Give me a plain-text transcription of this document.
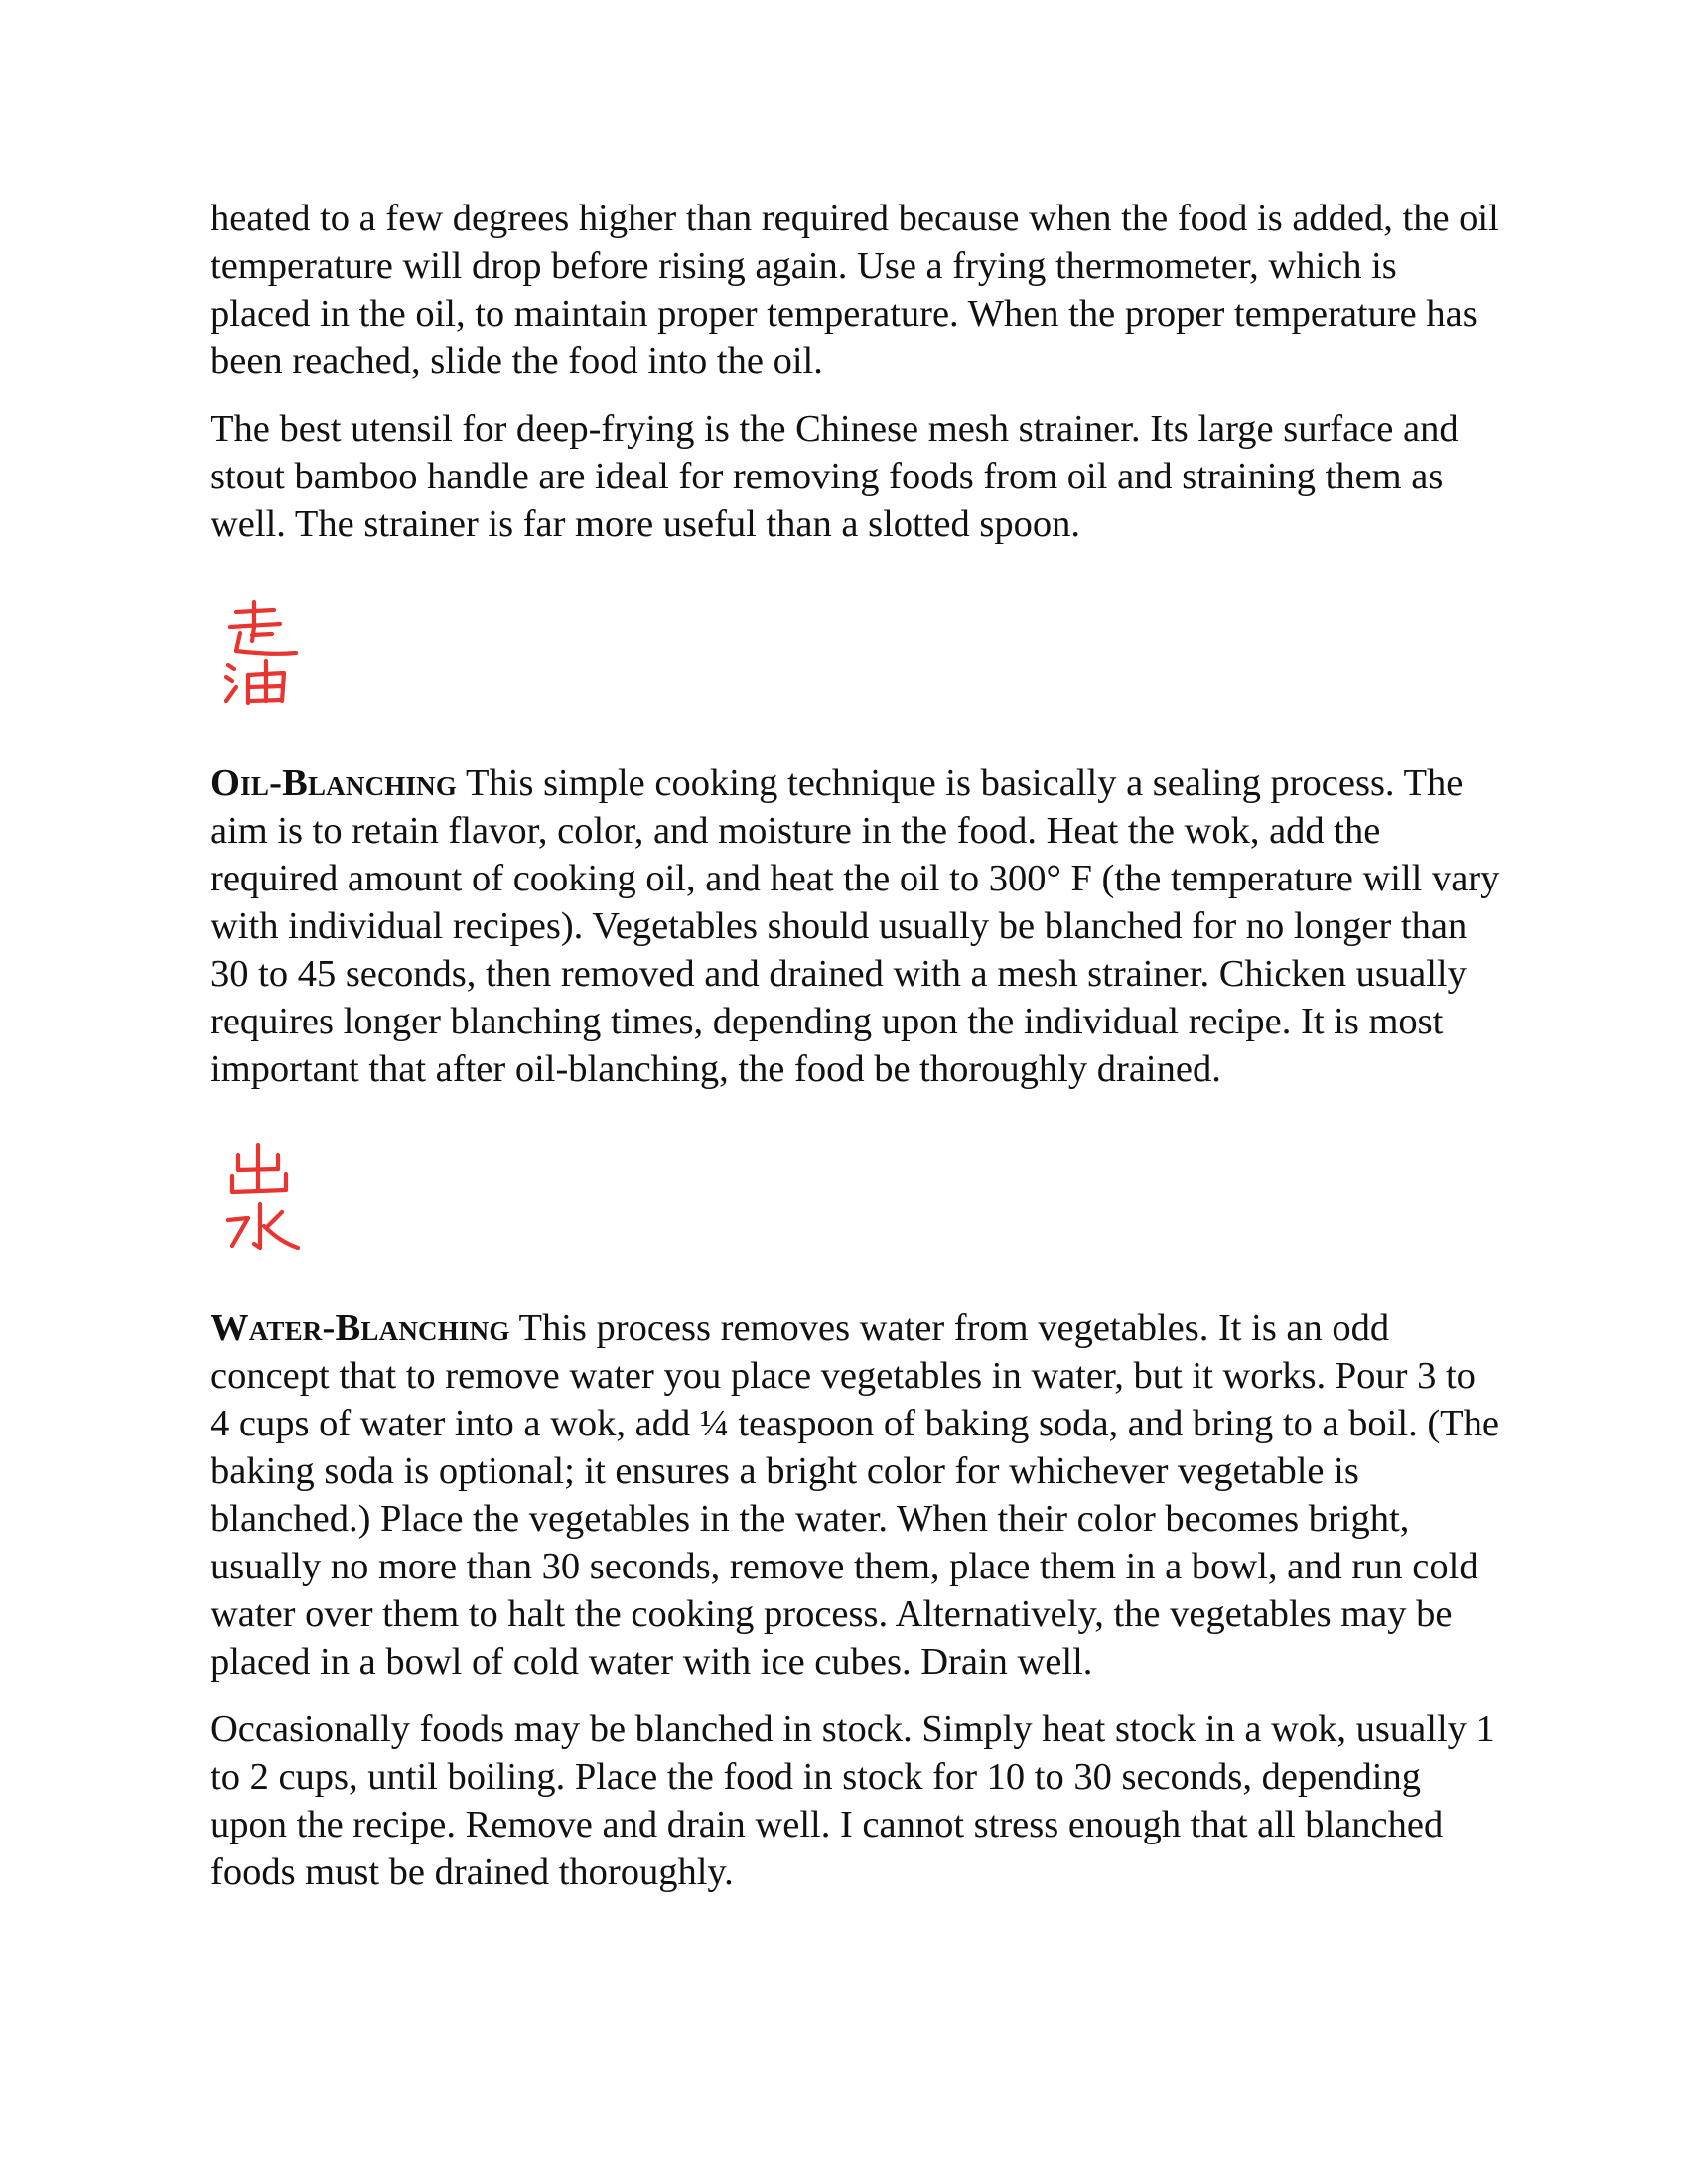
heated to a few degrees higher than required because when the food is added, the oil temperature will drop before rising again. Use a frying thermometer, which is placed in the oil, to maintain proper temperature. When the proper temperature has been reached, slide the food into the oil.

The best utensil for deep-frying is the Chinese mesh strainer. Its large surface and stout bamboo handle are ideal for removing foods from oil and straining them as well. The strainer is far more useful than a slotted spoon.

Oil-Blanching This simple cooking technique is basically a sealing process. The aim is to retain flavor, color, and moisture in the food. Heat the wok, add the required amount of cooking oil, and heat the oil to 300° F (the temperature will vary with individual recipes). Vegetables should usually be blanched for no longer than 30 to 45 seconds, then removed and drained with a mesh strainer. Chicken usually requires longer blanching times, depending upon the individual recipe. It is most important that after oil-blanching, the food be thoroughly drained.

Water-Blanching This process removes water from vegetables. It is an odd concept that to remove water you place vegetables in water, but it works. Pour 3 to 4 cups of water into a wok, add ¼ teaspoon of baking soda, and bring to a boil. (The baking soda is optional; it ensures a bright color for whichever vegetable is blanched.) Place the vegetables in the water. When their color becomes bright, usually no more than 30 seconds, remove them, place them in a bowl, and run cold water over them to halt the cooking process. Alternatively, the vegetables may be placed in a bowl of cold water with ice cubes. Drain well.

Occasionally foods may be blanched in stock. Simply heat stock in a wok, usually 1 to 2 cups, until boiling. Place the food in stock for 10 to 30 seconds, depending upon the recipe. Remove and drain well. I cannot stress enough that all blanched foods must be drained thoroughly.
